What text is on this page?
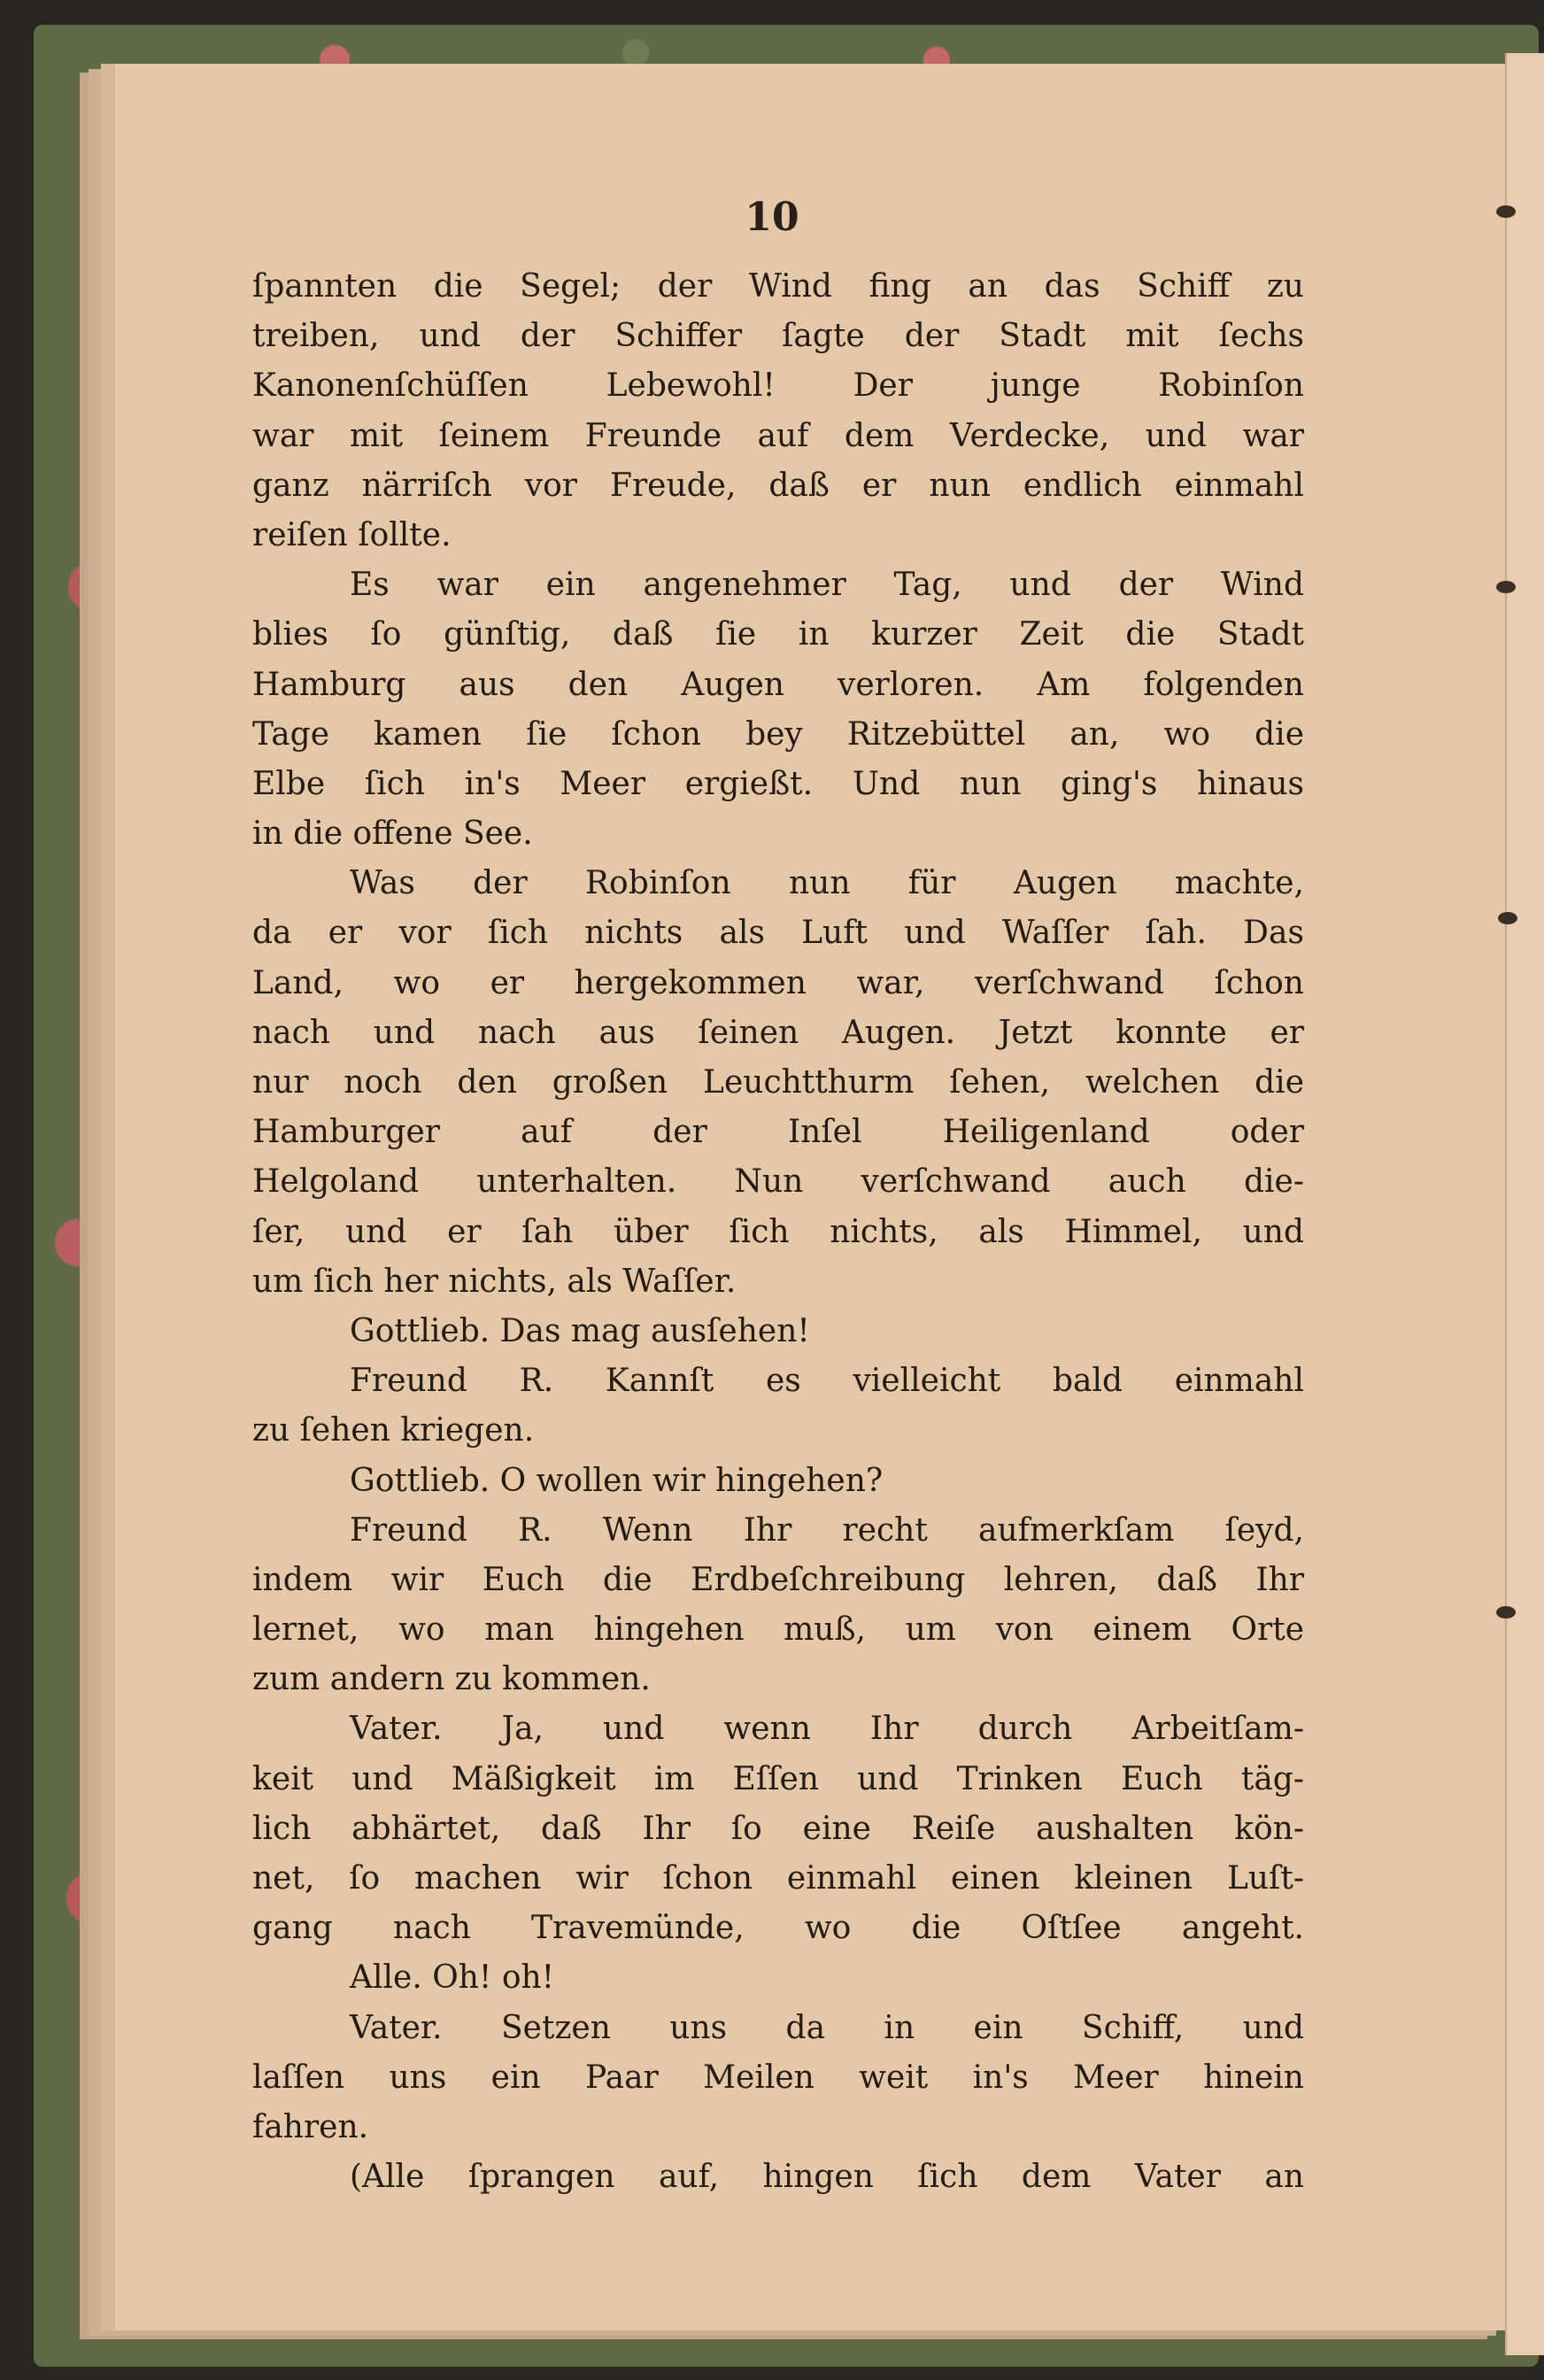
10
ſpannten die Segel; der Wind fing an das Schiff zu
treiben, und der Schiffer ſagte der Stadt mit ſechs
Kanonenſchüſſen Lebewohl! Der junge Robinſon
war mit ſeinem Freunde auf dem Verdecke, und war
ganz närriſch vor Freude, daß er nun endlich einmahl
reiſen ſollte.
Es war ein angenehmer Tag, und der Wind
blies ſo günſtig, daß ſie in kurzer Zeit die Stadt
Hamburg aus den Augen verloren. Am folgenden
Tage kamen ſie ſchon bey Ritzebüttel an, wo die
Elbe ſich in's Meer ergießt. Und nun ging's hinaus
in die offene See.
Was der Robinſon nun für Augen machte,
da er vor ſich nichts als Luft und Waſſer ſah. Das
Land, wo er hergekommen war, verſchwand ſchon
nach und nach aus ſeinen Augen. Jetzt konnte er
nur noch den großen Leuchtthurm ſehen, welchen die
Hamburger auf der Inſel Heiligenland oder
Helgoland unterhalten. Nun verſchwand auch die-
ſer, und er ſah über ſich nichts, als Himmel, und
um ſich her nichts, als Waſſer.
Gottlieb. Das mag ausſehen!
Freund R. Kannſt es vielleicht bald einmahl
zu ſehen kriegen.
Gottlieb. O wollen wir hingehen?
Freund R. Wenn Ihr recht aufmerkſam ſeyd,
indem wir Euch die Erdbeſchreibung lehren, daß Ihr
lernet, wo man hingehen muß, um von einem Orte
zum andern zu kommen.
Vater. Ja, und wenn Ihr durch Arbeitſam-
keit und Mäßigkeit im Eſſen und Trinken Euch täg-
lich abhärtet, daß Ihr ſo eine Reiſe aushalten kön-
net, ſo machen wir ſchon einmahl einen kleinen Luſt-
gang nach Travemünde, wo die Oſtſee angeht.
Alle. Oh! oh!
Vater. Setzen uns da in ein Schiff, und
laſſen uns ein Paar Meilen weit in's Meer hinein
fahren.
(Alle ſprangen auf, hingen ſich dem Vater an
